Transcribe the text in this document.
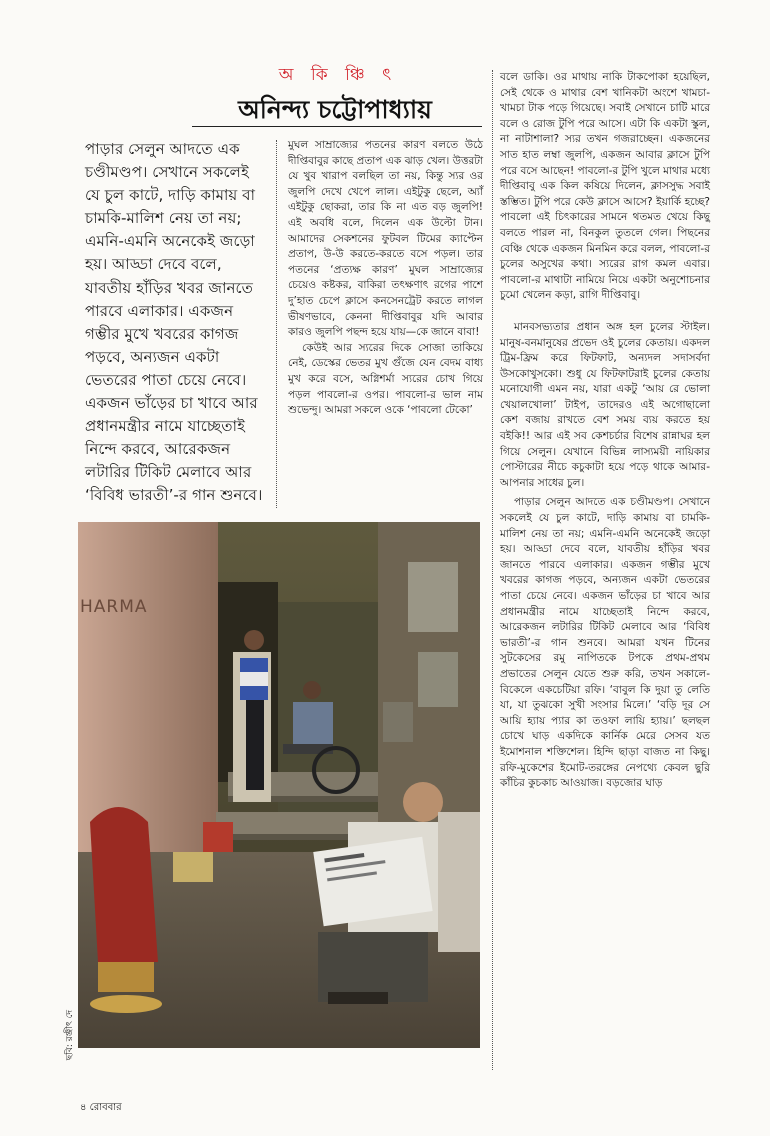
অ কি ঞ্চি ৎ
অনিন্দ্য চট্টোপাধ্যায়

পাড়ার সেলুন আদতে এক চণ্ডীমণ্ডপ। সেখানে সকলেই যে চুল কাটে, দাড়ি কামায় বা চামকি-মালিশ নেয় তা নয়; এমনি-এমনি অনেকেই জড়ো হয়। আড্ডা দেবে বলে, যাবতীয় হাঁড়ির খবর জানতে পারবে এলাকার। একজন গম্ভীর মুখে খবরের কাগজ পড়বে, অন্যজন একটা ভেতরের পাতা চেয়ে নেবে। একজন ভাঁড়ের চা খাবে আর প্রধানমন্ত্রীর নামে যাচ্ছেতাই নিন্দে করবে, আরেকজন লটারির টিকিট মেলাবে আর ‘বিবিধ ভারতী’-র গান শুনবে।

মুঘল সাম্রাজ্যের পতনের কারণ বলতে উঠে দীপ্তিবাবুর কাছে প্রতাপ এক ঝাড় খেল। উত্তরটা যে খুব খারাপ বলছিল তা নয়, কিন্তু স্যর ওর জুলপি দেখে খেপে লাল। এইটুকু ছেলে, অ্যাঁ এইটুকু ছোকরা, তার কি না এত বড় জুলপি! এই অবধি বলে, দিলেন এক উল্টো টান। আমাদের সেকশনের ফুটবল টিমের ক্যাপ্টেন প্রতাপ, উ-উ করতে-করতে বসে পড়ল। তার পতনের ‘প্রত্যক্ষ কারণ’ মুঘল সাম্রাজ্যের চেয়েও কষ্টকর, বাকিরা তৎক্ষণাৎ রগের পাশে দু’হাত চেপে ক্লাসে কনসেনট্রেট করতে লাগল ভীষণভাবে, কেননা দীপ্তিবাবুর যদি আবার কারও জুলপি পছন্দ হয়ে যায়—কে জানে বাবা!

কেউই আর স্যরের দিকে সোজা তাকিয়ে নেই, ডেস্কের ভেতর মুখ গুঁজে যেন বেদম বাধ্য মুখ করে বসে, অগ্নিশর্মা স্যরের চোখ গিয়ে পড়ল পাবলো-র ওপর। পাবলো-র ভাল নাম শুভেন্দু। আমরা সকলে ওকে ‘পাবলো টেকো’

বলে ডাকি। ওর মাথায় নাকি টাকপোকা হয়েছিল, সেই থেকে ও মাথার বেশ খানিকটা অংশে খামচা-খামচা টাক পড়ে গিয়েছে। সবাই সেখানে চাটি মারে বলে ও রোজ টুপি পরে আসে। এটা কি একটা স্কুল, না নাটাশালা? স্যর তখন গজরাচ্ছেন। একজনের সাত হাত লম্বা জুলপি, একজন আবার ক্লাসে টুপি পরে বসে আছেন! পাবলো-র টুপি খুলে মাথার মধ্যে দীপ্তিবাবু এক কিল কষিয়ে দিলেন, ক্লাসসুদ্ধ সবাই স্তম্ভিত। টুপি পরে কেউ ক্লাসে আসে? ইয়ার্কি হচ্ছে? পাবলো এই চিৎকারের সামনে থতমত খেয়ে কিছু বলতে পারল না, বিনকুল তুতলে গেল। পিছনের বেঞ্চি থেকে একজন মিনমিন করে বলল, পাবলো-র চুলের অসুখের কথা। স্যরের রাগ কমল এবার। পাবলো-র মাথাটা নামিয়ে নিয়ে একটা অনুশোচনার চুমো খেলেন কড়া, রাগি দীপ্তিবাবু।

মানবসভ্যতার প্রধান অঙ্গ হল চুলের স্টাইল। মানুষ-বনমানুষের প্রভেদ ওই চুলের কেতায়। একদল ট্রিম-ফ্রিম করে ফিটফাট, অন্যদল সদাসর্বদা উসকোখুসকো। শুধু যে ফিটফাটরাই চুলের কেতায় মনোযোগী এমন নয়, যারা একটু ‘আয় রে ভোলা খেয়ালখোলা’ টাইপ, তাদেরও এই অগোছালো কেশ বজায় রাখতে বেশ সময় ব্যয় করতে হয় বইকি!! আর এই সব কেশচর্চার বিশেষ রান্নাঘর হল গিয়ে সেলুন। যেখানে বিভিন্ন লাস্যময়ী নায়িকার পোস্টারের নীচে কচুকাটা হয়ে পড়ে থাকে আমার-আপনার সাধের চুল।

পাড়ার সেলুন আদতে এক চণ্ডীমণ্ডপ। সেখানে সকলেই যে চুল কাটে, দাড়ি কামায় বা চামকি-মালিশ নেয় তা নয়; এমনি-এমনি অনেকেই জড়ো হয়। আড্ডা দেবে বলে, যাবতীয় হাঁড়ির খবর জানতে পারবে এলাকার। একজন গম্ভীর মুখে খবরের কাগজ পড়বে, অন্যজন একটা ভেতরের পাতা চেয়ে নেবে। একজন ভাঁড়ের চা খাবে আর প্রধানমন্ত্রীর নামে যাচ্ছেতাই নিন্দে করবে, আরেকজন লটারির টিকিট মেলাবে আর ‘বিবিধ ভারতী’-র গান শুনবে। আমরা যখন টিনের সুটকেসের রমু নাপিতকে টপকে প্রথম-প্রথম প্রভাতের সেলুন যেতে শুরু করি, তখন সকালে-বিকেলে একচেটিয়া রফি। ‘বাবুল কি দুয়া তু লেতি যা, যা তুঝকো সুখী সংসার মিলে।’ ‘বড়ি দূর সে আয়ি হ্যায় প্যার কা তওফা লায়ি হ্যায়।’ ছলছল চোখে ঘাড় একদিকে কার্নিক মেরে সেসব যত ইমোশনাল শক্তিশেল। হিন্দি ছাড়া বাজত না কিছু। রফি-মুকেশের ইমোট-তরঙ্গের নেপথ্যে কেবল ছুরি কাঁচির কুচকাচ আওয়াজ। বড়জোর ঘাড়

HARMA
ছবি: রঞ্জীৎ দে
৪ রোববার
